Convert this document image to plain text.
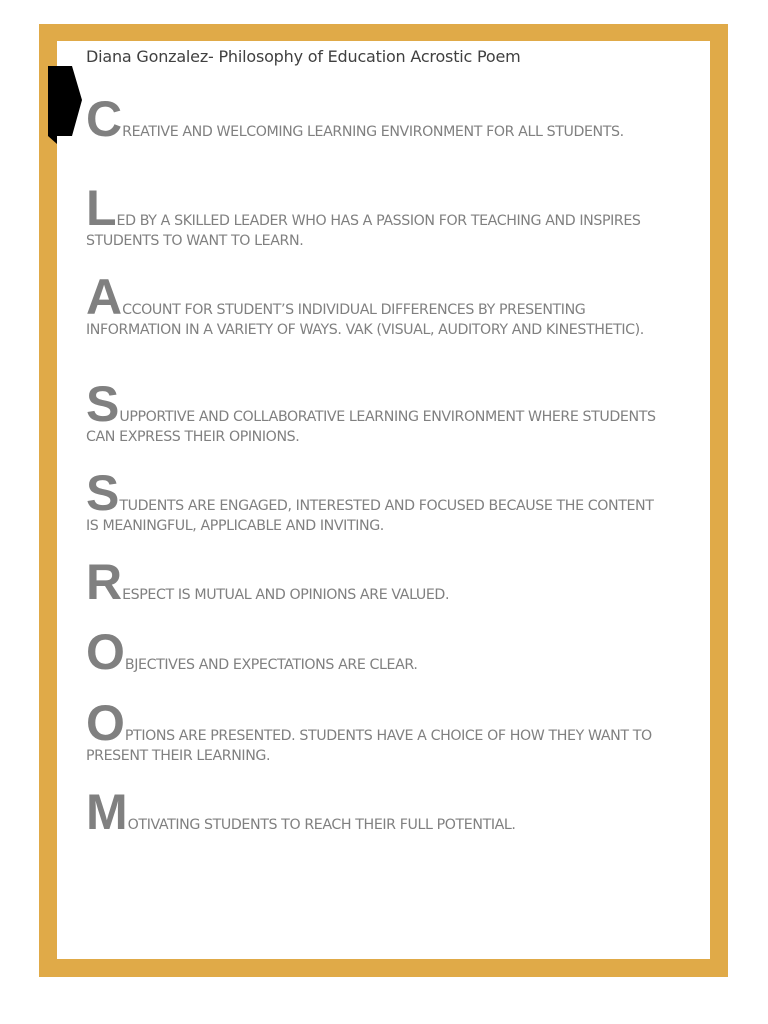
Diana Gonzalez- Philosophy of Education Acrostic Poem
CREATIVE AND WELCOMING LEARNING ENVIRONMENT FOR ALL STUDENTS.
LED BY A SKILLED LEADER WHO HAS A PASSION FOR TEACHING AND INSPIRES STUDENTS TO WANT TO LEARN.
ACCOUNT FOR STUDENT’S INDIVIDUAL DIFFERENCES BY PRESENTING INFORMATION IN A VARIETY OF WAYS. VAK (VISUAL, AUDITORY AND KINESTHETIC).
SUPPORTIVE AND COLLABORATIVE LEARNING ENVIRONMENT WHERE STUDENTS CAN EXPRESS THEIR OPINIONS.
STUDENTS ARE ENGAGED, INTERESTED AND FOCUSED BECAUSE THE CONTENT IS MEANINGFUL, APPLICABLE AND INVITING.
RESPECT IS MUTUAL AND OPINIONS ARE VALUED.
OBJECTIVES AND EXPECTATIONS ARE CLEAR.
OPTIONS ARE PRESENTED. STUDENTS HAVE A CHOICE OF HOW THEY WANT TO PRESENT THEIR LEARNING.
MOTIVATING STUDENTS TO REACH THEIR FULL POTENTIAL.
